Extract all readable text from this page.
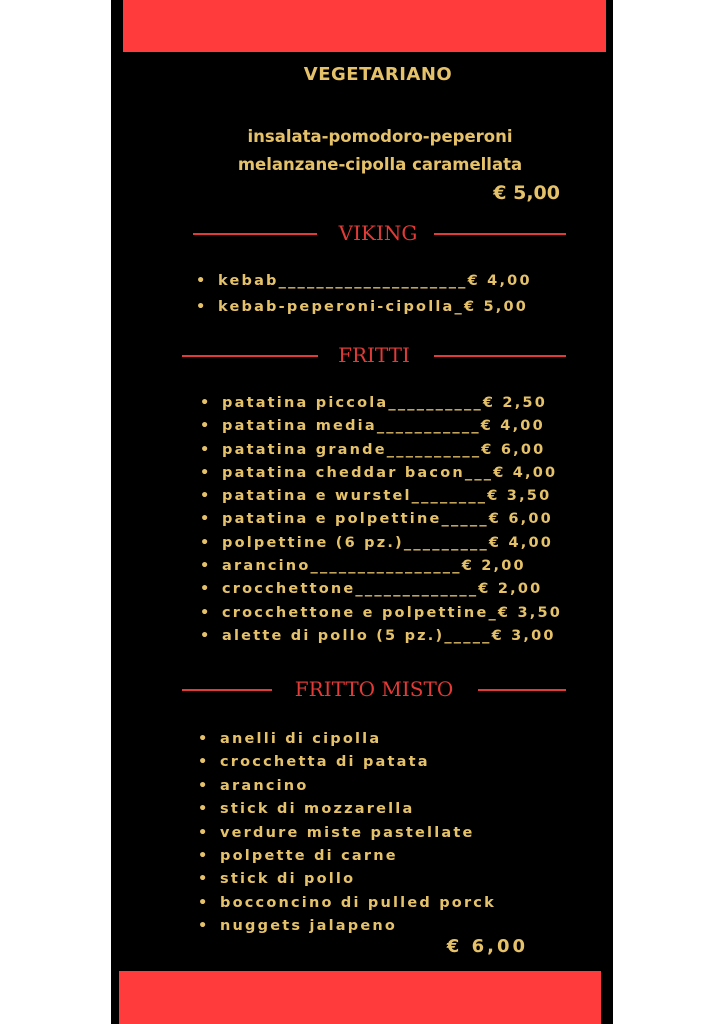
VEGETARIANO
insalata-pomodoro-peperoni
melanzane-cipolla caramellata
€ 5,00
VIKING
• kebab____________________€ 4,00
• kebab-peperoni-cipolla_€ 5,00
FRITTI
• patatina piccola__________€ 2,50
• patatina media___________€ 4,00
• patatina grande__________€ 6,00
• patatina cheddar bacon___€ 4,00
• patatina e wurstel________€ 3,50
• patatina e polpettine_____€ 6,00
• polpettine (6 pz.)_________€ 4,00
• arancino________________€ 2,00
• crocchettone_____________€ 2,00
• crocchettone e polpettine_€ 3,50
• alette di pollo (5 pz.)_____€ 3,00
FRITTO MISTO
• anelli di cipolla
• crocchetta di patata
• arancino
• stick di mozzarella
• verdure miste pastellate
• polpette di carne
• stick di pollo
• bocconcino di pulled porck
• nuggets jalapeno
€ 6,00
